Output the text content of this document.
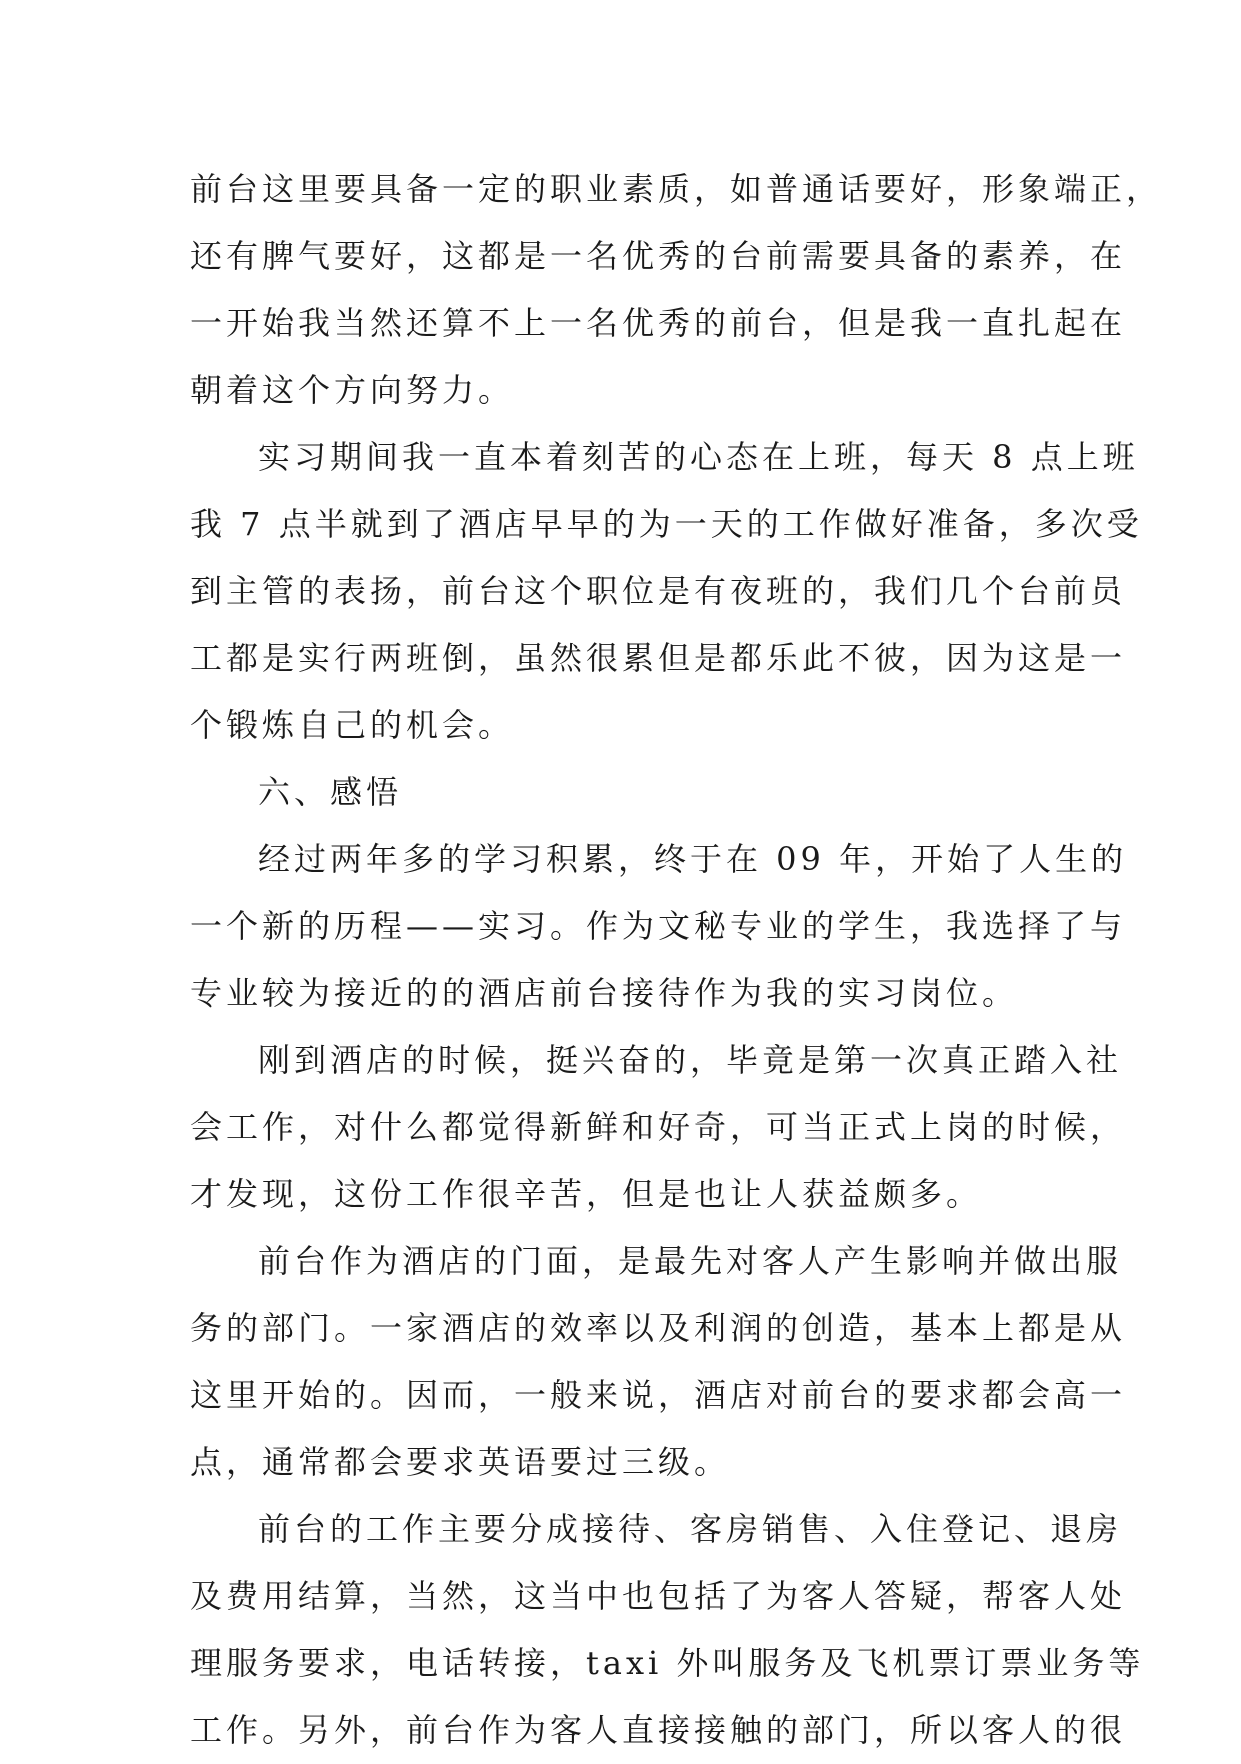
前台这里要具备一定的职业素质，如普通话要好，形象端正，
还有脾气要好，这都是一名优秀的台前需要具备的素养，在
一开始我当然还算不上一名优秀的前台，但是我一直扎起在
朝着这个方向努力。
实习期间我一直本着刻苦的心态在上班，每天 8 点上班
我 7 点半就到了酒店早早的为一天的工作做好准备，多次受
到主管的表扬，前台这个职位是有夜班的，我们几个台前员
工都是实行两班倒，虽然很累但是都乐此不彼，因为这是一
个锻炼自己的机会。
六、感悟
经过两年多的学习积累，终于在 09 年，开始了人生的
一个新的历程——实习。作为文秘专业的学生，我选择了与
专业较为接近的的酒店前台接待作为我的实习岗位。
刚到酒店的时候，挺兴奋的，毕竟是第一次真正踏入社
会工作，对什么都觉得新鲜和好奇，可当正式上岗的时候，
才发现，这份工作很辛苦，但是也让人获益颇多。
前台作为酒店的门面，是最先对客人产生影响并做出服
务的部门。一家酒店的效率以及利润的创造，基本上都是从
这里开始的。因而，一般来说，酒店对前台的要求都会高一
点，通常都会要求英语要过三级。
前台的工作主要分成接待、客房销售、入住登记、退房
及费用结算，当然，这当中也包括了为客人答疑，帮客人处
理服务要求，电话转接，taxi 外叫服务及飞机票订票业务等
工作。另外，前台作为客人直接接触的部门，所以客人的很
